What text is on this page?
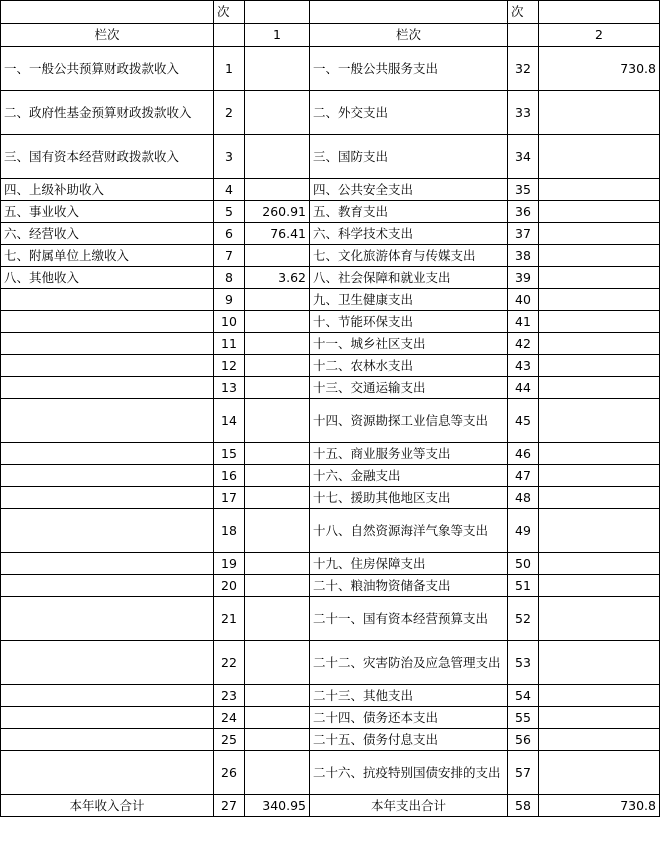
	次			次	
栏次		1	栏次		2
一、一般公共预算财政拨款收入	1		一、一般公共服务支出	32	730.8
二、政府性基金预算财政拨款收入	2		二、外交支出	33	
三、国有资本经营财政拨款收入	3		三、国防支出	34	
四、上级补助收入	4		四、公共安全支出	35	
五、事业收入	5	260.91	五、教育支出	36	
六、经营收入	6	76.41	六、科学技术支出	37	
七、附属单位上缴收入	7		七、文化旅游体育与传媒支出	38	
八、其他收入	8	3.62	八、社会保障和就业支出	39	
	9		九、卫生健康支出	40	
	10		十、节能环保支出	41	
	11		十一、城乡社区支出	42	
	12		十二、农林水支出	43	
	13		十三、交通运输支出	44	
	14		十四、资源勘探工业信息等支出	45	
	15		十五、商业服务业等支出	46	
	16		十六、金融支出	47	
	17		十七、援助其他地区支出	48	
	18		十八、自然资源海洋气象等支出	49	
	19		十九、住房保障支出	50	
	20		二十、粮油物资储备支出	51	
	21		二十一、国有资本经营预算支出	52	
	22		二十二、灾害防治及应急管理支出	53	
	23		二十三、其他支出	54	
	24		二十四、债务还本支出	55	
	25		二十五、债务付息支出	56	
	26		二十六、抗疫特别国债安排的支出	57	
本年收入合计	27	340.95	本年支出合计	58	730.8
